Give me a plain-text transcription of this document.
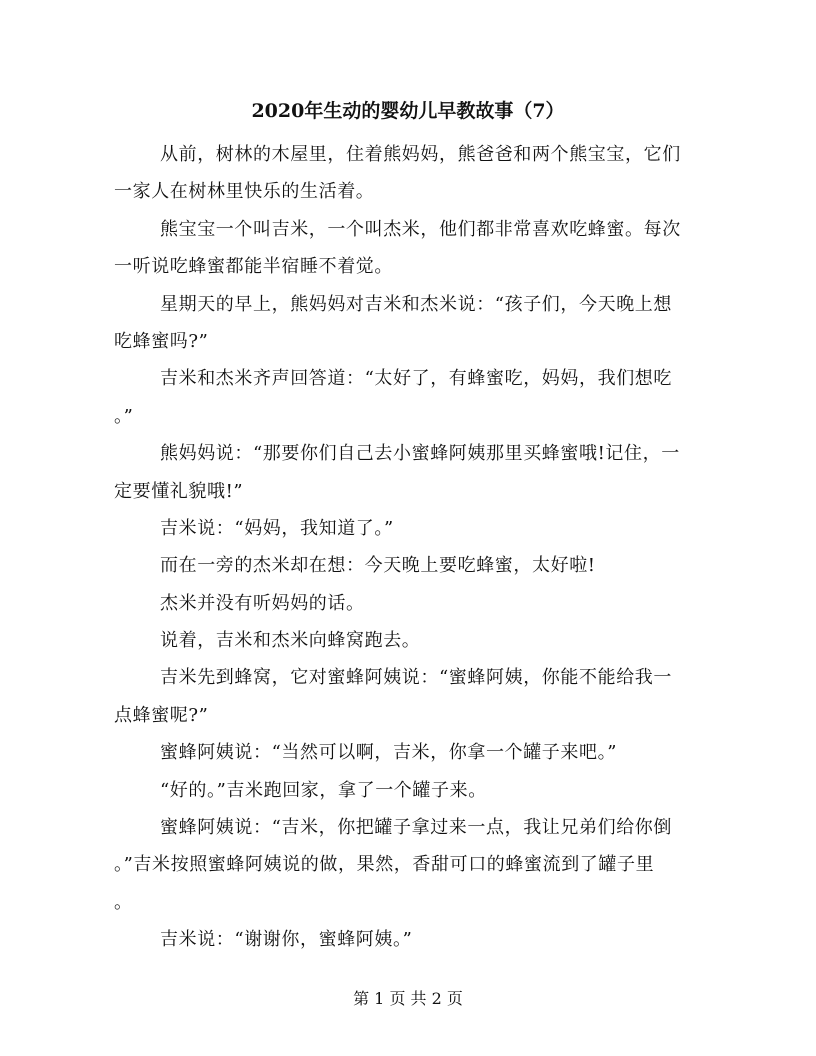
2020年生动的婴幼儿早教故事（7）
从前，树林的木屋里，住着熊妈妈，熊爸爸和两个熊宝宝，它们
一家人在树林里快乐的生活着。
熊宝宝一个叫吉米，一个叫杰米，他们都非常喜欢吃蜂蜜。每次
一听说吃蜂蜜都能半宿睡不着觉。
星期天的早上，熊妈妈对吉米和杰米说：“孩子们，今天晚上想
吃蜂蜜吗?”
吉米和杰米齐声回答道：“太好了，有蜂蜜吃，妈妈，我们想吃
。”
熊妈妈说：“那要你们自己去小蜜蜂阿姨那里买蜂蜜哦!记住，一
定要懂礼貌哦!”
吉米说：“妈妈，我知道了。”
而在一旁的杰米却在想：今天晚上要吃蜂蜜，太好啦!
杰米并没有听妈妈的话。
说着，吉米和杰米向蜂窝跑去。
吉米先到蜂窝，它对蜜蜂阿姨说：“蜜蜂阿姨，你能不能给我一
点蜂蜜呢?”
蜜蜂阿姨说：“当然可以啊，吉米，你拿一个罐子来吧。”
“好的。”吉米跑回家，拿了一个罐子来。
蜜蜂阿姨说：“吉米，你把罐子拿过来一点，我让兄弟们给你倒
。”吉米按照蜜蜂阿姨说的做，果然，香甜可口的蜂蜜流到了罐子里
。
吉米说：“谢谢你，蜜蜂阿姨。”
第 1 页 共 2 页
